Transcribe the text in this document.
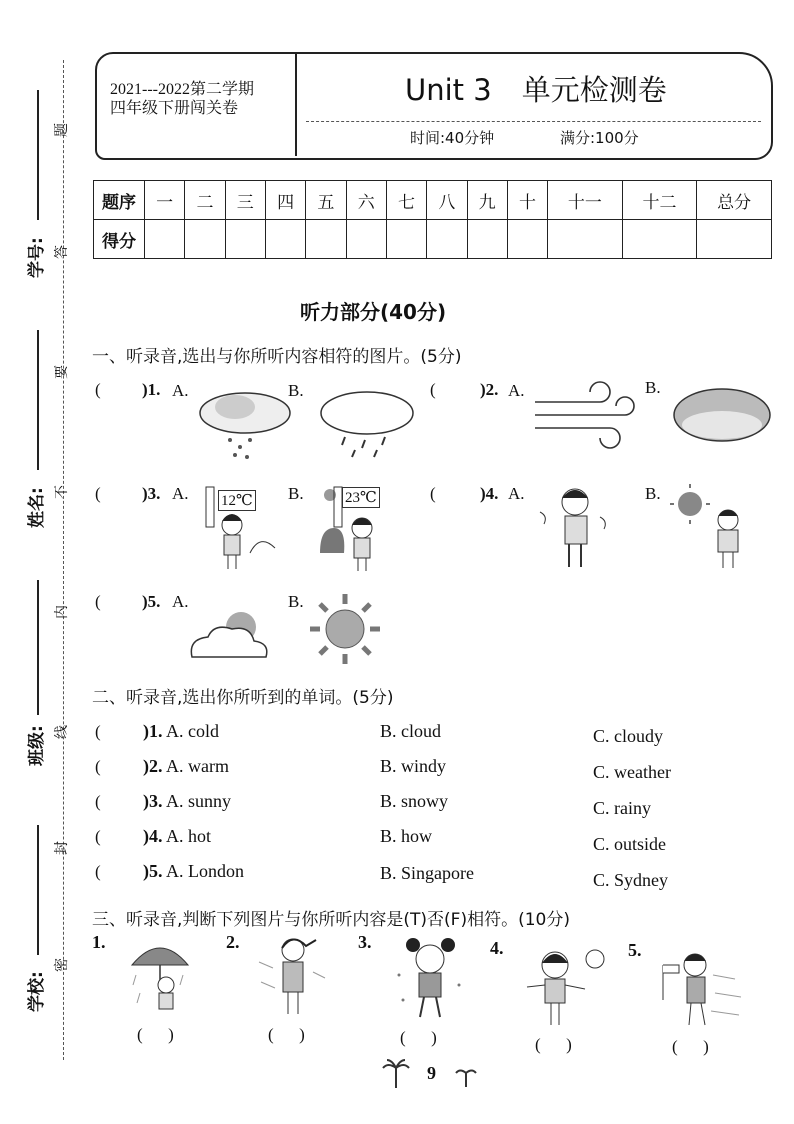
学号:
姓名:
班级:
学校:
题
答
要
不
内
线
封
密
2021---2022第二学期
四年级下册闯关卷
Unit 3 单元检测卷
时间:40分钟	满分:100分
题序	一	二	三	四	五	六	七	八	九	十	十一	十二	总分
得分													
听力部分(40分)
一、听录音,选出与你所听内容相符的图片。(5分)
( )1. A.	B.	(	)2. A.	B.
( )3. A. 12℃ B.	23℃	(	)4. A.	B.
( )5. A.	B.
二、听录音,选出你所听到的单词。(5分)
( )1. A. cold	B. cloud	C. cloudy
( )2. A. warm	B. windy	C. weather
( )3. A. sunny	B. snowy	C. rainy
( )4. A. hot	B. how	C. outside
( )5. A. London	B. Singapore	C. Sydney
三、听录音,判断下列图片与你所听内容是(T)否(F)相符。(10分)
1.
(      )
2.
(      )
3.
(      )
4.
(      )
5.
(      )
9
